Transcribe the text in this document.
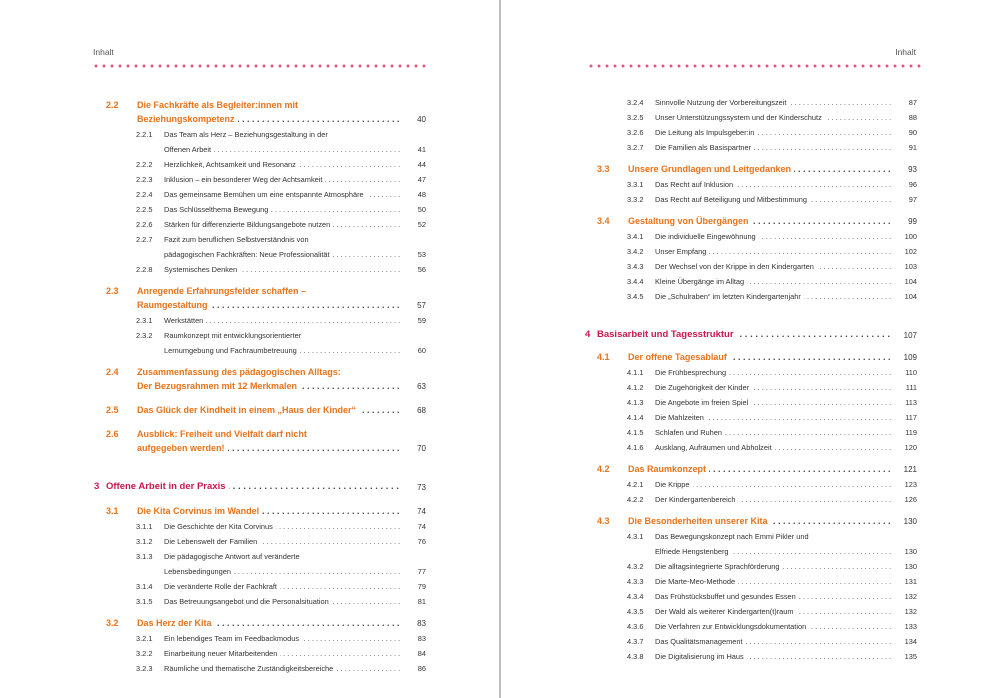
Inhalt
2.2	Die Fachkräfte als Begleiter:innen mit
Beziehungskompetenz . . .	40
2.2.1	Das Team als Herz – Beziehungsgestaltung in der
Offenen Arbeit . . .	41
2.2.2	Herzlichkeit, Achtsamkeit und Resonanz . . .	44
2.2.3	Inklusion – ein besonderer Weg der Achtsamkeit . . .	47
2.2.4	Das gemeinsame Bemühen um eine entspannte Atmosphäre . . .	48
2.2.5	Das Schlüsselthema Bewegung . . .	50
2.2.6	Stärken für differenzierte Bildungsangebote nutzen . . .	52
2.2.7	Fazit zum beruflichen Selbstverständnis von
pädagogischen Fachkräften: Neue Professionalität . . .	53
2.2.8	Systemisches Denken . . .	56
2.3	Anregende Erfahrungsfelder schaffen –
Raumgestaltung . . .	57
2.3.1	Werkstätten . . .	59
2.3.2	Raumkonzept mit entwicklungsorientierter
Lernumgebung und Fachraumbetreuung . . .	60
2.4	Zusammenfassung des pädagogischen Alltags:
Der Bezugsrahmen mit 12 Merkmalen . . .	63
2.5	Das Glück der Kindheit in einem „Haus der Kinder“ . . .	68
2.6	Ausblick: Freiheit und Vielfalt darf nicht
aufgegeben werden! . . .	70
3 Offene Arbeit in der Praxis . . .	73
3.1	Die Kita Corvinus im Wandel . . .	74
3.1.1	Die Geschichte der Kita Corvinus . . .	74
3.1.2	Die Lebenswelt der Familien . . .	76
3.1.3	Die pädagogische Antwort auf veränderte
Lebensbedingungen . . .	77
3.1.4	Die veränderte Rolle der Fachkraft . . .	79
3.1.5	Das Betreuungsangebot und die Personalsituation . . .	81
3.2	Das Herz der Kita . . .	83
3.2.1	Ein lebendiges Team im Feedbackmodus . . .	83
3.2.2	Einarbeitung neuer Mitarbeitenden . . .	84
3.2.3	Räumliche und thematische Zuständigkeitsbereiche . . .	86
Inhalt
3.2.4	Sinnvolle Nutzung der Vorbereitungszeit . . .	87
3.2.5	Unser Unterstützungssystem und der Kinderschutz . . .	88
3.2.6	Die Leitung als Impulsgeber:in . . .	90
3.2.7	Die Familien als Basispartner . . .	91
3.3	Unsere Grundlagen und Leitgedanken . . .	93
3.3.1	Das Recht auf Inklusion . . .	96
3.3.2	Das Recht auf Beteiligung und Mitbestimmung . . .	97
3.4	Gestaltung von Übergängen . . .	99
3.4.1	Die individuelle Eingewöhnung . . .	100
3.4.2	Unser Empfang . . .	102
3.4.3	Der Wechsel von der Krippe in den Kindergarten . . .	103
3.4.4	Kleine Übergänge im Alltag . . .	104
3.4.5	Die „Schulraben“ im letzten Kindergartenjahr . . .	104
4 Basisarbeit und Tagesstruktur . . .	107
4.1	Der offene Tagesablauf . . .	109
4.1.1	Die Frühbesprechung . . .	110
4.1.2	Die Zugehörigkeit der Kinder . . .	111
4.1.3	Die Angebote im freien Spiel . . .	113
4.1.4	Die Mahlzeiten . . .	117
4.1.5	Schlafen und Ruhen . . .	119
4.1.6	Ausklang, Aufräumen und Abholzeit . . .	120
4.2	Das Raumkonzept . . .	121
4.2.1	Die Krippe . . .	123
4.2.2	Der Kindergartenbereich . . .	126
4.3	Die Besonderheiten unserer Kita . . .	130
4.3.1	Das Bewegungskonzept nach Emmi Pikler und
Elfriede Hengstenberg . . .	130
4.3.2	Die alltagsintegrierte Sprachförderung . . .	130
4.3.3	Die Marte-Meo-Methode . . .	131
4.3.4	Das Frühstücksbuffet und gesundes Essen . . .	132
4.3.5	Der Wald als weiterer Kindergarten(t)raum . . .	132
4.3.6	Die Verfahren zur Entwicklungsdokumentation . . .	133
4.3.7	Das Qualitätsmanagement . . .	134
4.3.8	Die Digitalisierung im Haus . . .	135
